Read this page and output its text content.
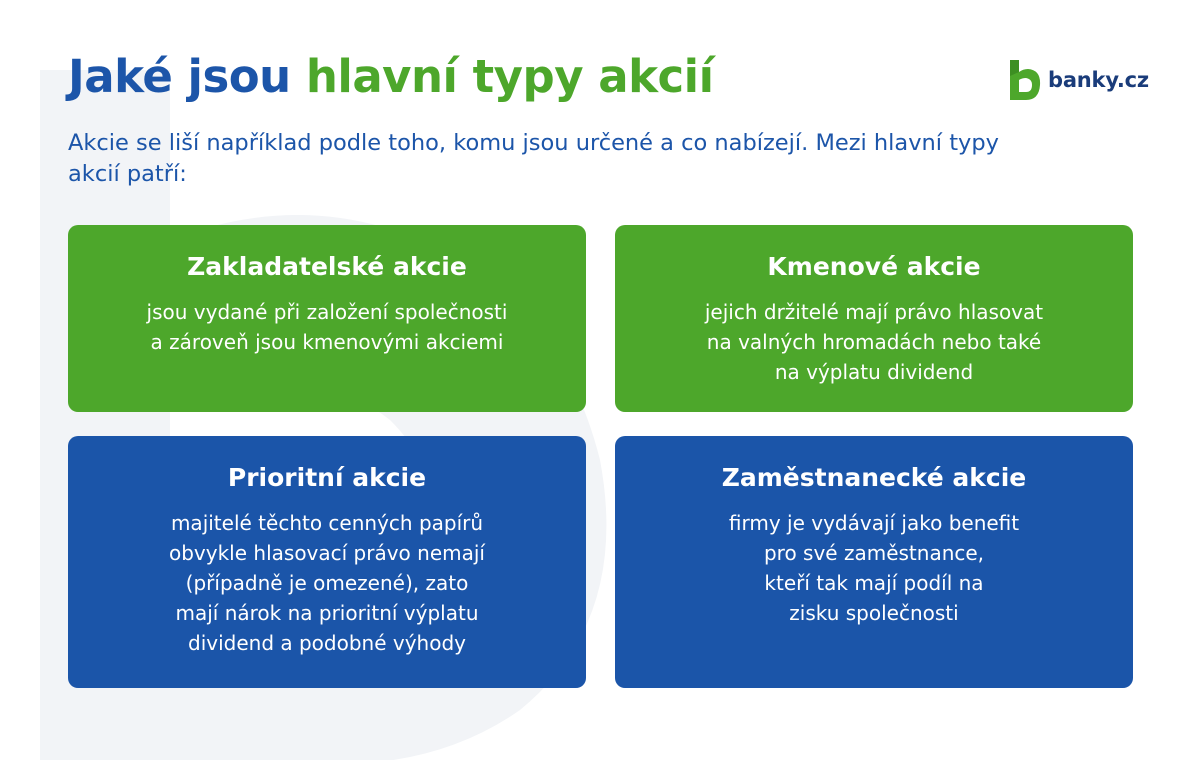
Jaké jsou hlavní typy akcií	banky.cz

Akcie se liší například podle toho, komu jsou určené a co nabízejí. Mezi hlavní typy akcií patří:

Zakladatelské akcie

jsou vydané při založení společnosti
a zároveň jsou kmenovými akciemi

Kmenové akcie

jejich držitelé mají právo hlasovat
na valných hromadách nebo také
na výplatu dividend

Prioritní akcie

majitelé těchto cenných papírů
obvykle hlasovací právo nemají
(případně je omezené), zato
mají nárok na prioritní výplatu
dividend a podobné výhody

Zaměstnanecké akcie

firmy je vydávají jako benefit
pro své zaměstnance,
kteří tak mají podíl na
zisku společnosti
